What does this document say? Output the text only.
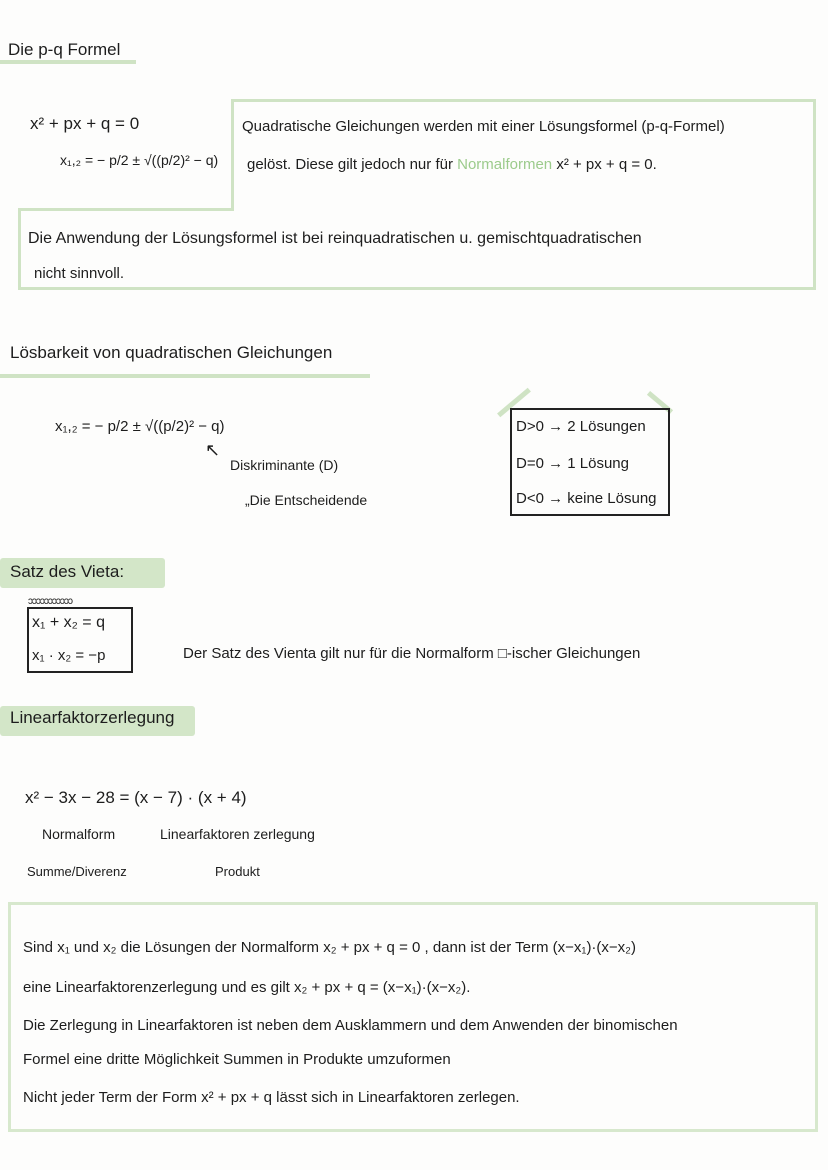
Die p-q Formel
x² + px + q = 0
x₁,₂ = − p/2 ± √((p/2)² − q)
Quadratische Gleichungen werden mit einer Lösungsformel (p-q-Formel)
gelöst. Diese gilt jedoch nur für Normalformen x² + px + q = 0.
Die Anwendung der Lösungsformel ist bei reinquadratischen u. gemischtquadratischen
nicht sinnvoll.
Lösbarkeit von quadratischen Gleichungen
x₁,₂ = − p/2 ± √((p/2)² − q)
↖
Diskriminante (D)
„Die Entscheidende
D>0 → 2 Lösungen
D=0 → 1 Lösung
D<0 → keine Lösung
Satz des Vieta:
ɔɔɔɔɔɔɔɔɔɔɔ
x₁ + x₂ = q
x₁ · x₂ = −p	Der Satz des Vienta gilt nur für die Normalform □-ischer Gleichungen
Linearfaktorzerlegung
x² − 3x − 28 = (x − 7) · (x + 4)
Normalform	Linearfaktoren zerlegung
Summe/Diverenz	Produkt
Sind x₁ und x₂ die Lösungen der Normalform x₂ + px + q = 0 , dann ist der Term (x−x₁)·(x−x₂)
eine Linearfaktorenzerlegung und es gilt x₂ + px + q = (x−x₁)·(x−x₂).
Die Zerlegung in Linearfaktoren ist neben dem Ausklammern und dem Anwenden der binomischen
Formel eine dritte Möglichkeit Summen in Produkte umzuformen
Nicht jeder Term der Form x² + px + q lässt sich in Linearfaktoren zerlegen.
